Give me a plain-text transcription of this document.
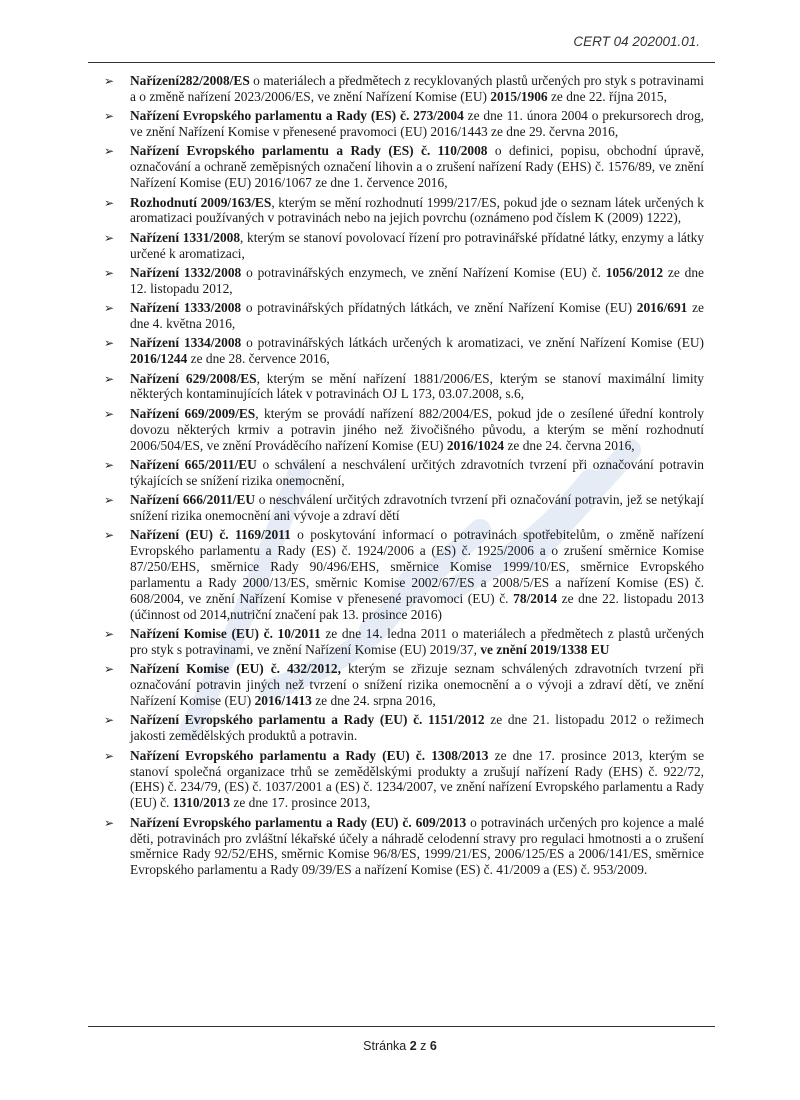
CERT 04 202001.01.
➢ Nařízení282/2008/ES o materiálech a předmětech z recyklovaných plastů určených pro styk s potravinami a o změně nařízení 2023/2006/ES, ve znění Nařízení Komise (EU) 2015/1906 ze dne 22. října 2015,
➢ Nařízení Evropského parlamentu a Rady (ES) č. 273/2004 ze dne 11. února 2004 o prekursorech drog, ve znění Nařízení Komise v přenesené pravomoci (EU) 2016/1443 ze dne 29. června 2016,
➢ Nařízení Evropského parlamentu a Rady (ES) č. 110/2008 o definici, popisu, obchodní úpravě, označování a ochraně zeměpisných označení lihovin a o zrušení nařízení Rady (EHS) č. 1576/89, ve znění Nařízení Komise (EU) 2016/1067 ze dne 1. července 2016,
➢ Rozhodnutí 2009/163/ES, kterým se mění rozhodnutí 1999/217/ES, pokud jde o seznam látek určených k aromatizaci používaných v potravinách nebo na jejich povrchu (oznámeno pod číslem K (2009) 1222),
➢ Nařízení 1331/2008, kterým se stanoví povolovací řízení pro potravinářské přídatné látky, enzymy a látky určené k aromatizaci,
➢ Nařízení 1332/2008 o potravinářských enzymech, ve znění Nařízení Komise (EU) č. 1056/2012 ze dne 12. listopadu 2012,
➢ Nařízení 1333/2008 o potravinářských přídatných látkách, ve znění Nařízení Komise (EU) 2016/691 ze dne 4. května 2016,
➢ Nařízení 1334/2008 o potravinářských látkách určených k aromatizaci, ve znění Nařízení Komise (EU) 2016/1244 ze dne 28. července 2016,
➢ Nařízení 629/2008/ES, kterým se mění nařízení 1881/2006/ES, kterým se stanoví maximální limity některých kontaminujících látek v potravinách OJ L 173, 03.07.2008, s.6,
➢ Nařízení 669/2009/ES, kterým se provádí nařízení 882/2004/ES, pokud jde o zesílené úřední kontroly dovozu některých krmiv a potravin jiného než živočišného původu, a kterým se mění rozhodnutí 2006/504/ES, ve znění Prováděcího nařízení Komise (EU) 2016/1024 ze dne 24. června 2016,
➢ Nařízení 665/2011/EU o schválení a neschválení určitých zdravotních tvrzení při označování potravin týkajících se snížení rizika onemocnění,
➢ Nařízení 666/2011/EU o neschválení určitých zdravotních tvrzení při označování potravin, jež se netýkají snížení rizika onemocnění ani vývoje a zdraví dětí
➢ Nařízení (EU) č. 1169/2011 o poskytování informací o potravinách spotřebitelům, o změně nařízení Evropského parlamentu a Rady (ES) č. 1924/2006 a (ES) č. 1925/2006 a o zrušení směrnice Komise 87/250/EHS, směrnice Rady 90/496/EHS, směrnice Komise 1999/10/ES, směrnice Evropského parlamentu a Rady 2000/13/ES, směrnic Komise 2002/67/ES a 2008/5/ES a nařízení Komise (ES) č. 608/2004, ve znění Nařízení Komise v přenesené pravomoci (EU) č. 78/2014 ze dne 22. listopadu 2013 (účinnost od 2014,nutriční značení pak 13. prosince 2016)
➢ Nařízení Komise (EU) č. 10/2011 ze dne 14. ledna 2011 o materiálech a předmětech z plastů určených pro styk s potravinami, ve znění Nařízení Komise (EU) 2019/37, ve znění 2019/1338 EU
➢ Nařízení Komise (EU) č. 432/2012, kterým se zřizuje seznam schválených zdravotních tvrzení při označování potravin jiných než tvrzení o snížení rizika onemocnění a o vývoji a zdraví dětí, ve znění Nařízení Komise (EU) 2016/1413 ze dne 24. srpna 2016,
➢ Nařízení Evropského parlamentu a Rady (EU) č. 1151/2012 ze dne 21. listopadu 2012 o režimech jakosti zemědělských produktů a potravin.
➢ Nařízení Evropského parlamentu a Rady (EU) č. 1308/2013 ze dne 17. prosince 2013, kterým se stanoví společná organizace trhů se zemědělskými produkty a zrušují nařízení Rady (EHS) č. 922/72, (EHS) č. 234/79, (ES) č. 1037/2001 a (ES) č. 1234/2007, ve znění nařízení Evropského parlamentu a Rady (EU) č. 1310/2013 ze dne 17. prosince 2013,
➢ Nařízení Evropského parlamentu a Rady (EU) č. 609/2013 o potravinách určených pro kojence a malé děti, potravinách pro zvláštní lékařské účely a náhradě celodenní stravy pro regulaci hmotnosti a o zrušení směrnice Rady 92/52/EHS, směrnic Komise 96/8/ES, 1999/21/ES, 2006/125/ES a 2006/141/ES, směrnice Evropského parlamentu a Rady 09/39/ES a nařízení Komise (ES) č. 41/2009 a (ES) č. 953/2009.
Stránka 2 z 6
